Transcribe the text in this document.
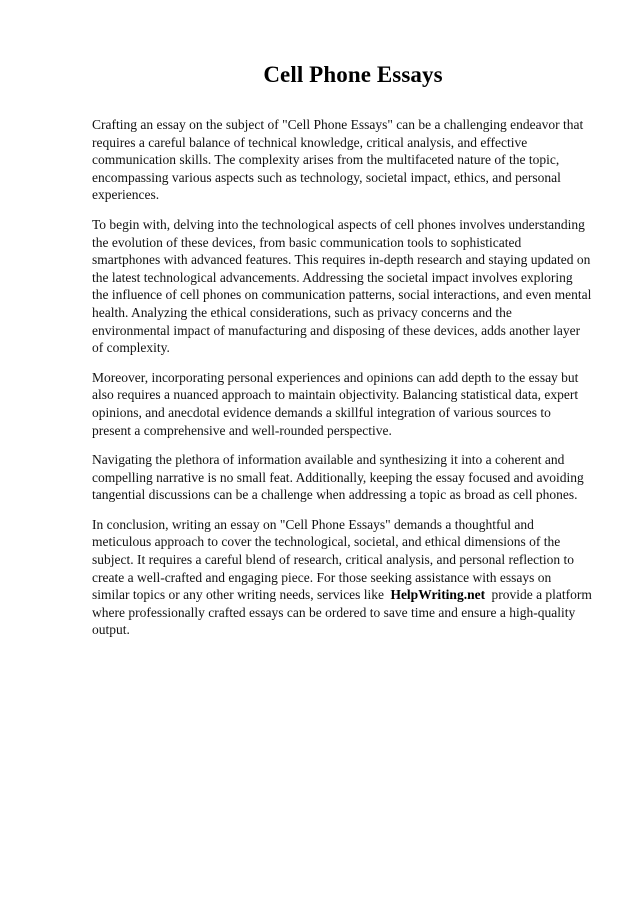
Cell Phone Essays

Crafting an essay on the subject of "Cell Phone Essays" can be a challenging endeavor that requires a careful balance of technical knowledge, critical analysis, and effective communication skills. The complexity arises from the multifaceted nature of the topic, encompassing various aspects such as technology, societal impact, ethics, and personal experiences.

To begin with, delving into the technological aspects of cell phones involves understanding the evolution of these devices, from basic communication tools to sophisticated smartphones with advanced features. This requires in-depth research and staying updated on the latest technological advancements. Addressing the societal impact involves exploring the influence of cell phones on communication patterns, social interactions, and even mental health. Analyzing the ethical considerations, such as privacy concerns and the environmental impact of manufacturing and disposing of these devices, adds another layer of complexity.

Moreover, incorporating personal experiences and opinions can add depth to the essay but also requires a nuanced approach to maintain objectivity. Balancing statistical data, expert opinions, and anecdotal evidence demands a skillful integration of various sources to present a comprehensive and well-rounded perspective.

Navigating the plethora of information available and synthesizing it into a coherent and compelling narrative is no small feat. Additionally, keeping the essay focused and avoiding tangential discussions can be a challenge when addressing a topic as broad as cell phones.

In conclusion, writing an essay on "Cell Phone Essays" demands a thoughtful and meticulous approach to cover the technological, societal, and ethical dimensions of the subject. It requires a careful blend of research, critical analysis, and personal reflection to create a well-crafted and engaging piece. For those seeking assistance with essays on similar topics or any other writing needs, services like HelpWriting.net provide a platform where professionally crafted essays can be ordered to save time and ensure a high-quality output.
